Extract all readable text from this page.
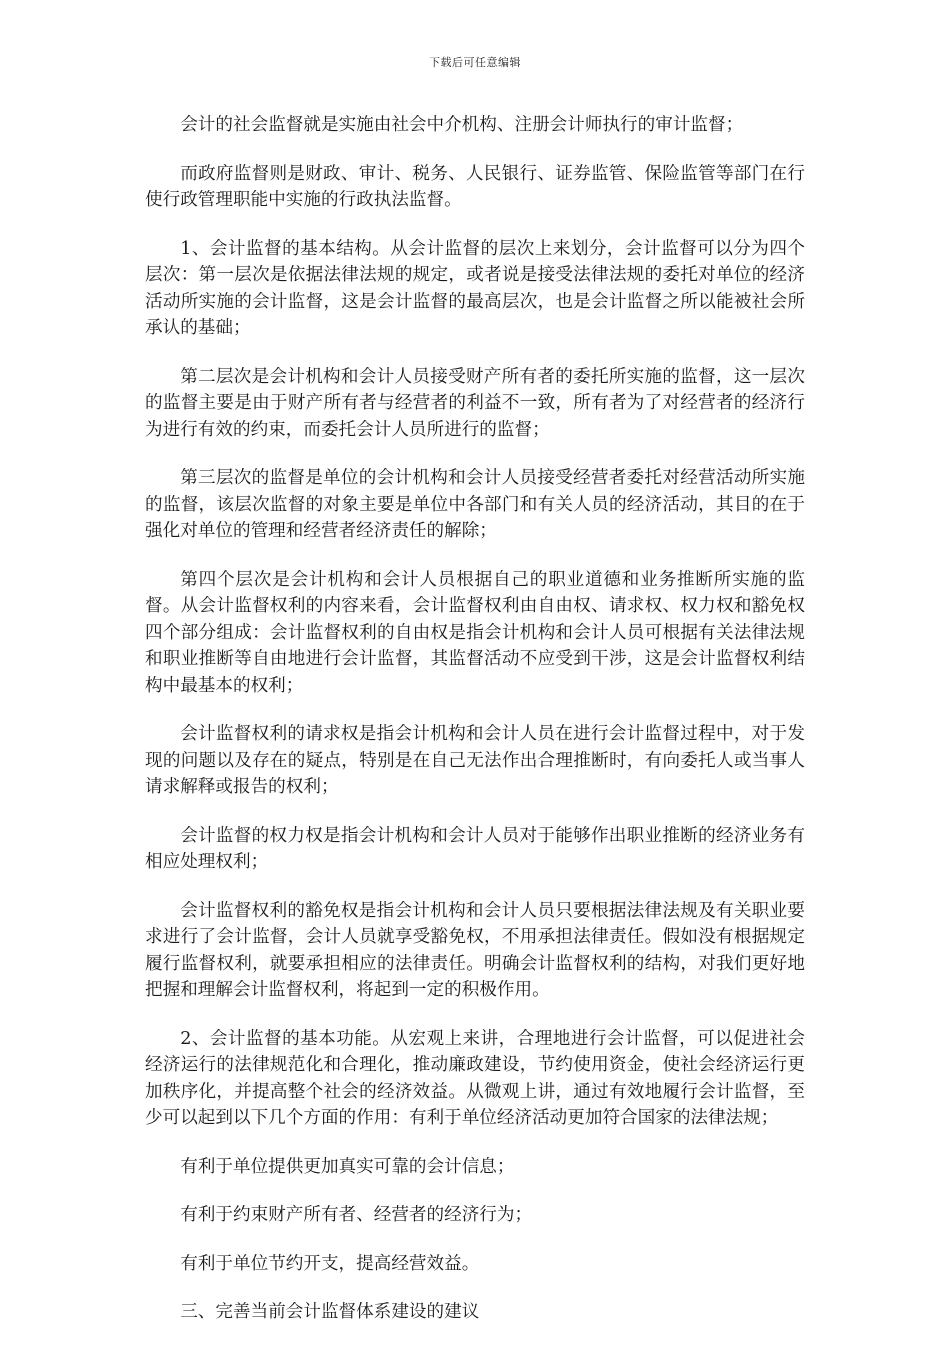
下载后可任意编辑

会计的社会监督就是实施由社会中介机构、注册会计师执行的审计监督；

而政府监督则是财政、审计、税务、人民银行、证券监管、保险监管等部门在行使行政管理职能中实施的行政执法监督。

1、会计监督的基本结构。从会计监督的层次上来划分，会计监督可以分为四个层次：第一层次是依据法律法规的规定，或者说是接受法律法规的委托对单位的经济活动所实施的会计监督，这是会计监督的最高层次，也是会计监督之所以能被社会所承认的基础；

第二层次是会计机构和会计人员接受财产所有者的委托所实施的监督，这一层次的监督主要是由于财产所有者与经营者的利益不一致，所有者为了对经营者的经济行为进行有效的约束，而委托会计人员所进行的监督；

第三层次的监督是单位的会计机构和会计人员接受经营者委托对经营活动所实施的监督，该层次监督的对象主要是单位中各部门和有关人员的经济活动，其目的在于强化对单位的管理和经营者经济责任的解除；

第四个层次是会计机构和会计人员根据自己的职业道德和业务推断所实施的监督。从会计监督权利的内容来看，会计监督权利由自由权、请求权、权力权和豁免权四个部分组成：会计监督权利的自由权是指会计机构和会计人员可根据有关法律法规和职业推断等自由地进行会计监督，其监督活动不应受到干涉，这是会计监督权利结构中最基本的权利；

会计监督权利的请求权是指会计机构和会计人员在进行会计监督过程中，对于发现的问题以及存在的疑点，特别是在自己无法作出合理推断时，有向委托人或当事人请求解释或报告的权利；

会计监督的权力权是指会计机构和会计人员对于能够作出职业推断的经济业务有相应处理权利；

会计监督权利的豁免权是指会计机构和会计人员只要根据法律法规及有关职业要求进行了会计监督，会计人员就享受豁免权，不用承担法律责任。假如没有根据规定履行监督权利，就要承担相应的法律责任。明确会计监督权利的结构，对我们更好地把握和理解会计监督权利，将起到一定的积极作用。

2、会计监督的基本功能。从宏观上来讲，合理地进行会计监督，可以促进社会经济运行的法律规范化和合理化，推动廉政建设，节约使用资金，使社会经济运行更加秩序化，并提高整个社会的经济效益。从微观上讲，通过有效地履行会计监督，至少可以起到以下几个方面的作用：有利于单位经济活动更加符合国家的法律法规；

有利于单位提供更加真实可靠的会计信息；

有利于约束财产所有者、经营者的经济行为；

有利于单位节约开支，提高经营效益。

三、完善当前会计监督体系建设的建议
